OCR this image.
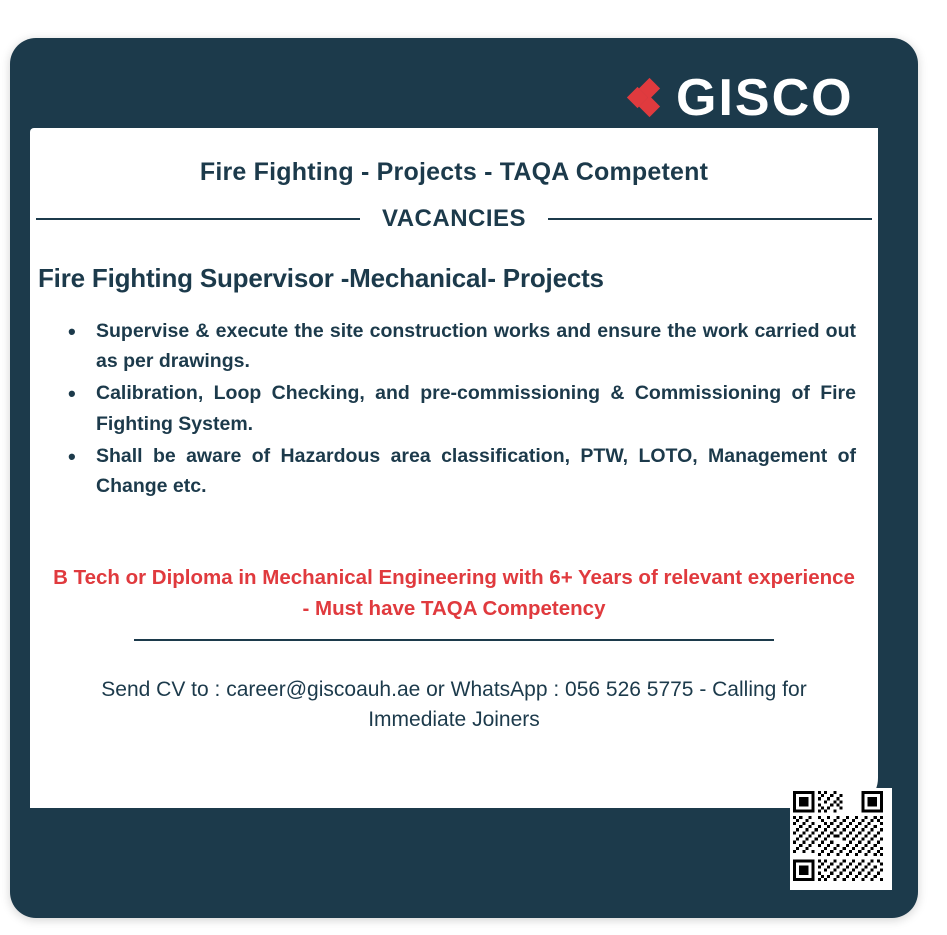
GISCO
Fire Fighting - Projects - TAQA Competent
VACANCIES
Fire Fighting Supervisor -Mechanical- Projects
• Supervise & execute the site construction works and ensure the work carried out as per drawings.
• Calibration, Loop Checking, and pre-commissioning & Commissioning of Fire Fighting System.
• Shall be aware of Hazardous area classification, PTW, LOTO, Management of Change etc.
B Tech or Diploma in Mechanical Engineering with 6+ Years of relevant experience - Must have TAQA Competency
Send CV to : career@giscoauh.ae or WhatsApp : 056 526 5775 - Calling for Immediate Joiners
